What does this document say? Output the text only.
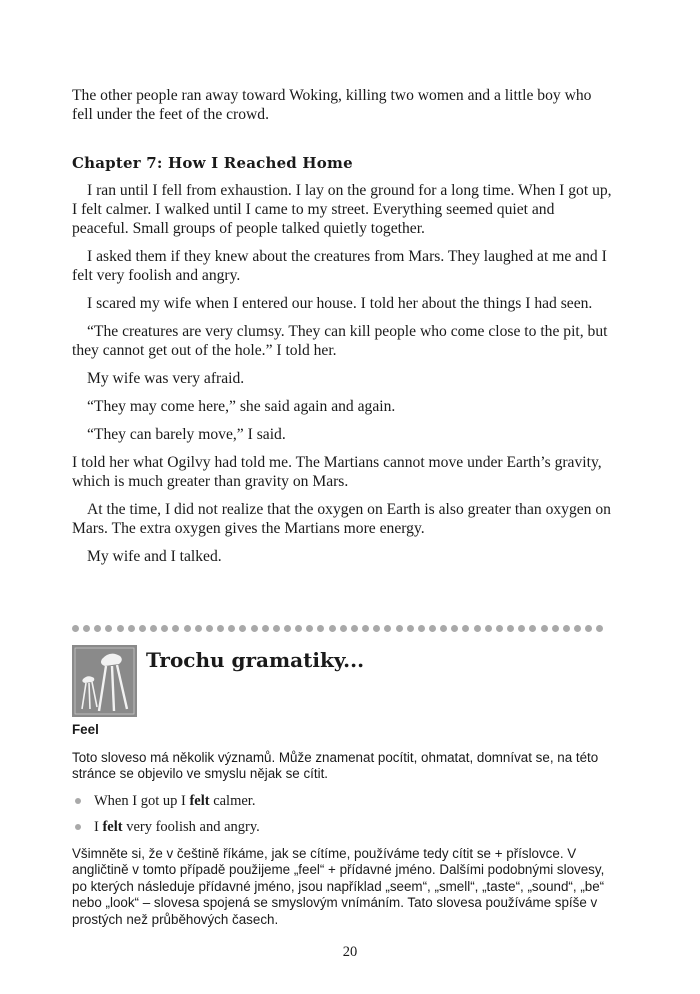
The other people ran away toward Woking, killing two women and a little boy who fell under the feet of the crowd.

Chapter 7: How I Reached Home

I ran until I fell from exhaustion. I lay on the ground for a long time. When I got up, I felt calmer. I walked until I came to my street. Everything seemed quiet and peaceful. Small groups of people talked quietly together.

I asked them if they knew about the creatures from Mars. They laughed at me and I felt very foolish and angry.

I scared my wife when I entered our house. I told her about the things I had seen.

“The creatures are very clumsy. They can kill people who come close to the pit, but they cannot get out of the hole.” I told her.

My wife was very afraid.

“They may come here,” she said again and again.

“They can barely move,” I said.

I told her what Ogilvy had told me. The Martians cannot move under Earth’s gravity, which is much greater than gravity on Mars.

At the time, I did not realize that the oxygen on Earth is also greater than oxygen on Mars. The extra oxygen gives the Martians more energy.

My wife and I talked.

Trochu gramatiky...
Feel

Toto sloveso má několik významů. Může znamenat pocítit, ohmatat, domnívat se, na této stránce se objevilo ve smyslu nějak se cítit.

When I got up I felt calmer.
I felt very foolish and angry.

Všimněte si, že v češtině říkáme, jak se cítíme, používáme tedy cítit se + příslovce. V angličtině v tomto případě použijeme „feel“ + přídavné jméno. Dalšími podobnými slovesy, po kterých následuje přídavné jméno, jsou například „seem“, „smell“, „taste“, „sound“, „be“ nebo „look“ – slovesa spojená se smyslovým vnímáním. Tato slovesa používáme spíše v prostých než průběhových časech.

20
